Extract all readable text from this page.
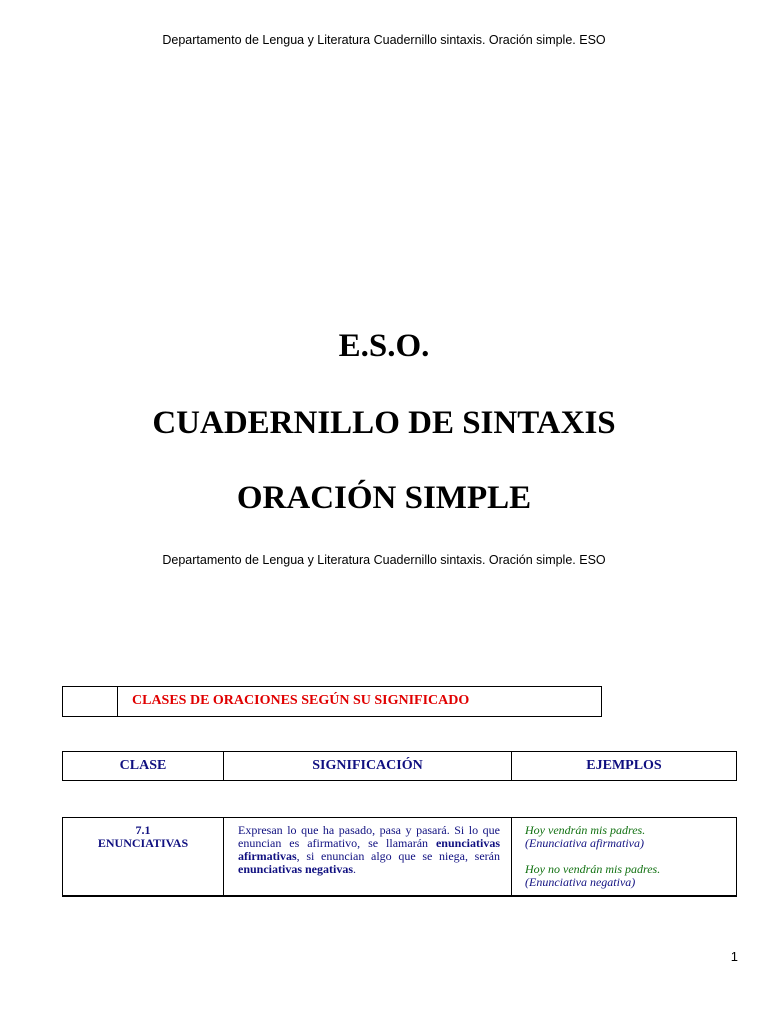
Departamento de Lengua y Literatura Cuadernillo sintaxis. Oración simple. ESO
E.S.O.
CUADERNILLO DE SINTAXIS
ORACIÓN SIMPLE
Departamento de Lengua y Literatura Cuadernillo sintaxis. Oración simple. ESO
CLASES DE ORACIONES SEGÚN SU SIGNIFICADO
CLASE	SIGNIFICACIÓN	EJEMPLOS
7.1
ENUNCIATIVAS
Expresan lo que ha pasado, pasa y pasará. Si lo que enuncian es afirmativo, se llamarán enunciativas afirmativas, si enuncian algo que se niega, serán enunciativas negativas.
Hoy vendrán mis padres.
(Enunciativa afirmativa)
Hoy no vendrán mis padres.
(Enunciativa negativa)
1
